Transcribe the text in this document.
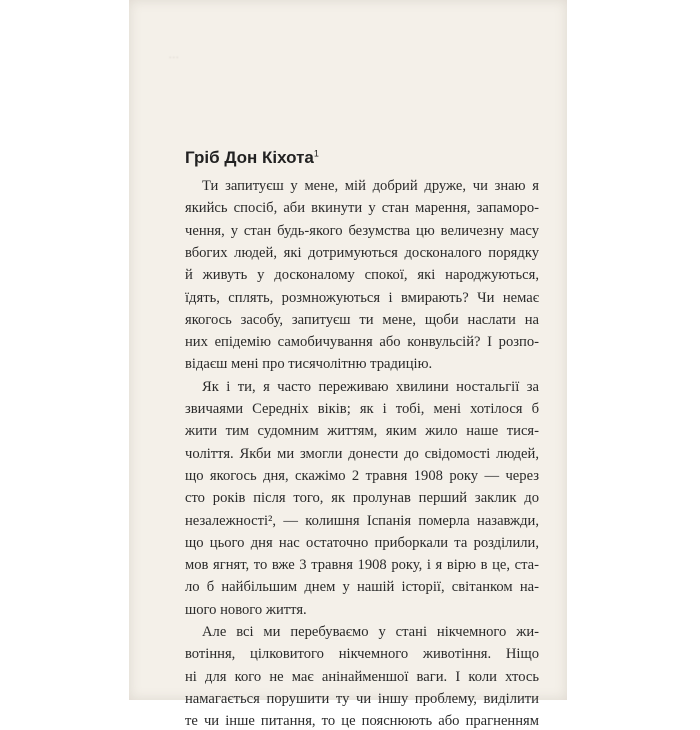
...
Гріб Дон Кіхота$^1$
Ти запитуєш у мене, мій добрий друже, чи знаю я
якийсь спосіб, аби вкинути у стан марення, запаморо-
чення, у стан будь-якого безумства цю величезну масу
вбогих людей, які дотримуються досконалого порядку
й живуть у досконалому спокої, які народжуються,
їдять, сплять, розмножуються і вмирають? Чи немає
якогось засобу, запитуєш ти мене, щоби наслати на
них епідемію самобичування або конвульсій? І розпо-
відаєш мені про тисячолітню традицію.
Як і ти, я часто переживаю хвилини ностальгії за
звичаями Середніх віків; як і тобі, мені хотілося б
жити тим судомним життям, яким жило наше тися-
чоліття. Якби ми змогли донести до свідомості людей,
що якогось дня, скажімо 2 травня 1908 року — через
сто років після того, як пролунав перший заклик до
незалежності², — колишня Іспанія померла назавжди,
що цього дня нас остаточно приборкали та розділили,
мов ягнят, то вже 3 травня 1908 року, і я вірю в це, ста-
ло б найбільшим днем у нашій історії, світанком на-
шого нового життя.
Але всі ми перебуваємо у стані нікчемного жи-
вотіння, цілковитого нікчемного животіння. Ніщо
ні для кого не має анінайменшої ваги. І коли хтось
намагається порушити ту чи іншу проблему, виділити
те чи інше питання, то це пояснюють або прагненням
